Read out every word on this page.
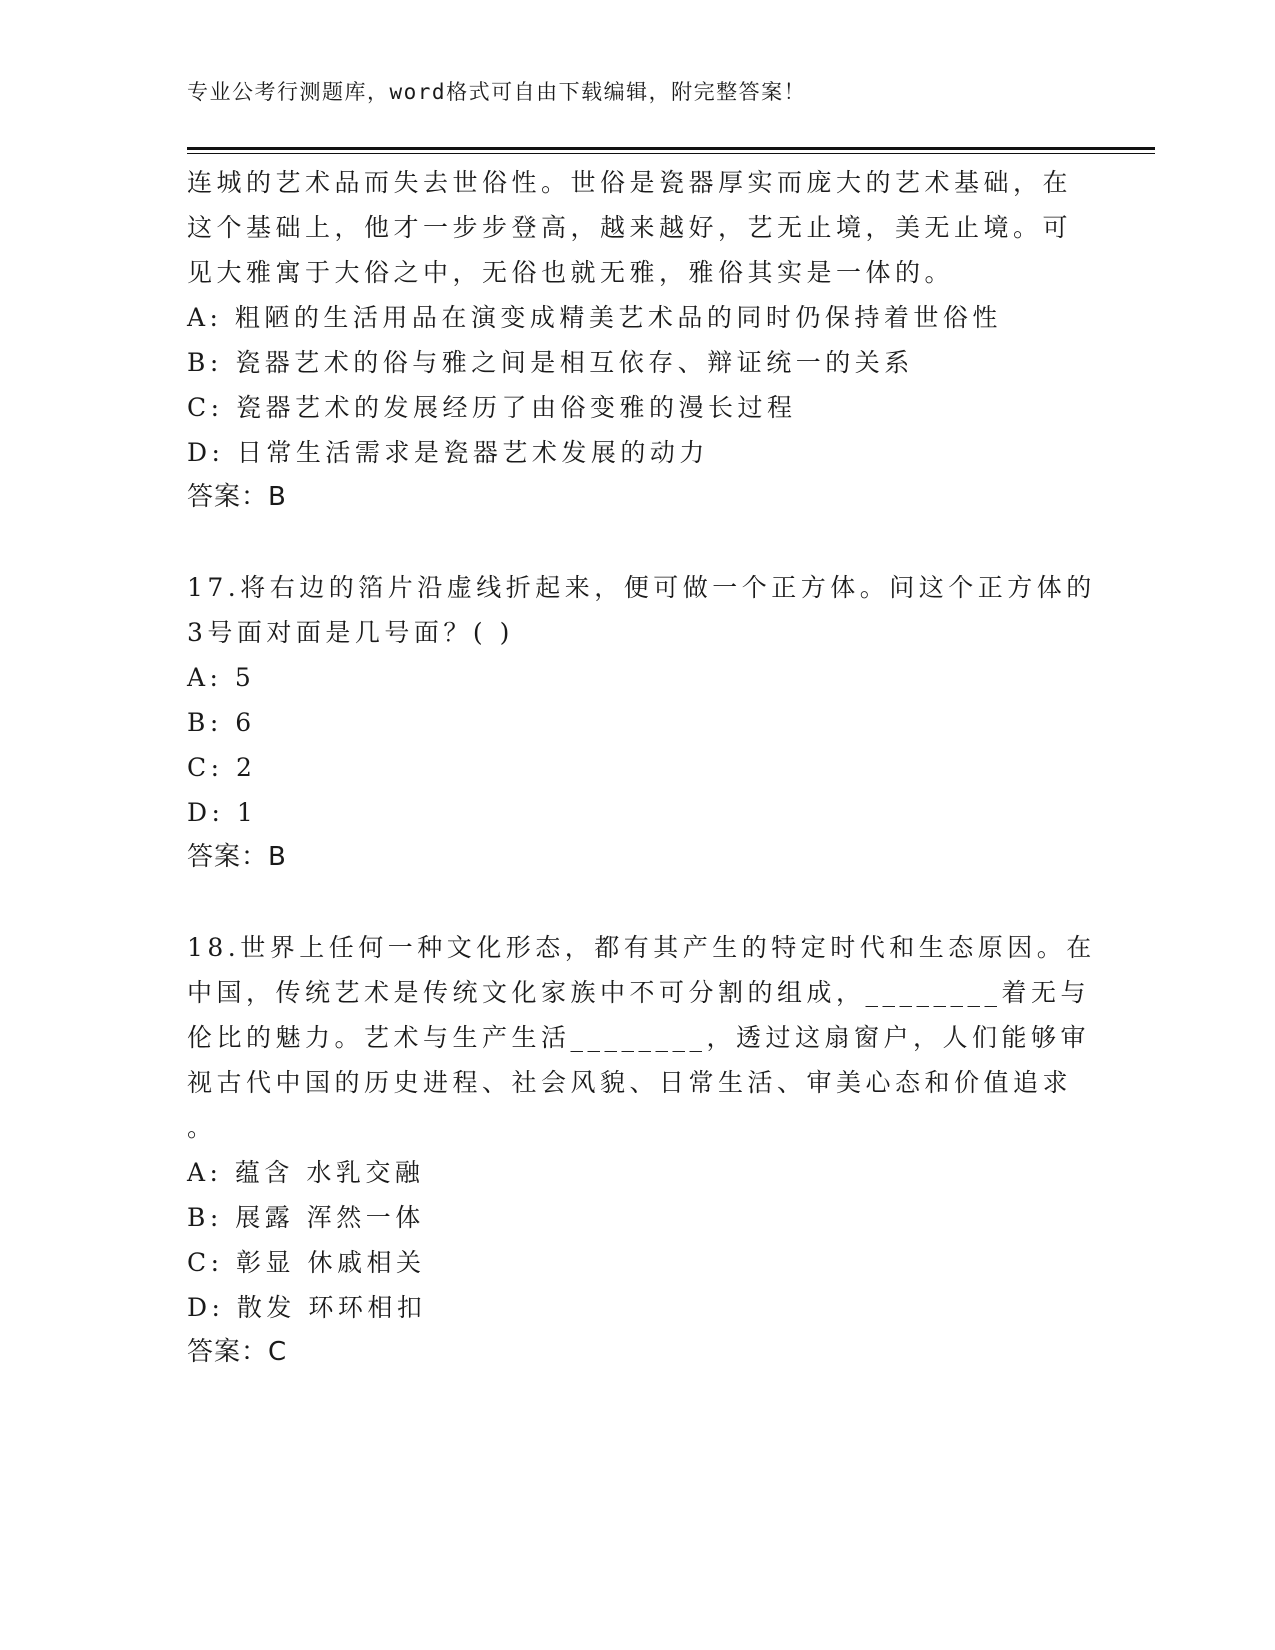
专业公考行测题库，word格式可自由下载编辑，附完整答案！
连城的艺术品而失去世俗性。世俗是瓷器厚实而庞大的艺术基础，在
这个基础上，他才一步步登高，越来越好，艺无止境，美无止境。可
见大雅寓于大俗之中，无俗也就无雅，雅俗其实是一体的。
A: 粗陋的生活用品在演变成精美艺术品的同时仍保持着世俗性
B: 瓷器艺术的俗与雅之间是相互依存、辩证统一的关系
C: 瓷器艺术的发展经历了由俗变雅的漫长过程
D: 日常生活需求是瓷器艺术发展的动力
答案：B
17.将右边的箔片沿虚线折起来，便可做一个正方体。问这个正方体的
3号面对面是几号面？( )
A: 5
B: 6
C: 2
D: 1
答案：B
18.世界上任何一种文化形态，都有其产生的特定时代和生态原因。在
中国，传统艺术是传统文化家族中不可分割的组成，________着无与
伦比的魅力。艺术与生产生活________，透过这扇窗户，人们能够审
视古代中国的历史进程、社会风貌、日常生活、审美心态和价值追求
。
A: 蕴含 水乳交融
B: 展露 浑然一体
C: 彰显 休戚相关
D: 散发 环环相扣
答案：C
